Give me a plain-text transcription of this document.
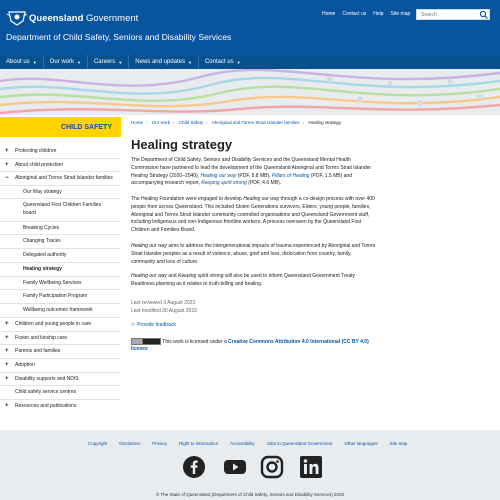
Queensland Government	Home Contact us Help Site map	Search
Department of Child Safety, Seniors and Disability Services
About us ▼ Our work ▼ Careers ▼ News and updates ▼ Contact us ▼
CHILD SAFETY
+ Protecting children
+ About child protection
− Aboriginal and Torres Strait Islander families
Our Way strategy
Queensland First Children Families
board
Breaking Cycles
Changing Tracks
Delegated authority
Healing strategy
Family Wellbeing Services
Family Participation Program
Wellbeing outcomes framework
+ Children and young people in care
+ Foster and kinship care
+ Parents and families
+ Adoption
+ Disability supports and NDIS
Child safety service centres
+ Resources and publications
Home › Our work › Child Safety › Aboriginal and Torres Strait Islander families › Healing strategy
Healing strategy
The Department of Child Safety, Seniors and Disability Services and the Queensland Mental Health Commission have partnered to lead the development of the Queensland Aboriginal and Torres Strait Islander Healing Strategy (2020–2040), Healing our way (PDF, 5.8 MB), Pillars of Healing (PDF, 1.5 MB) and accompanying research report, Keeping spirit strong (PDF, 4.6 MB).
The Healing Foundation were engaged to develop Healing our way through a co-design process with over 400 people from across Queensland. This included Stolen Generations survivors, Elders, young people, families, Aboriginal and Torres Strait Islander community controlled organisations and Queensland Government staff, including Indigenous and non-Indigenous frontline workers. A process overseen by the Queensland First Children and Families Board.
Healing our way aims to address the intergenerational impacts of trauma experienced by Aboriginal and Torres Strait Islander peoples as a result of violence, abuse, grief and loss, dislocation from country, family, community and loss of culture.
Healing our way and Keeping spirit strong will also be used to inform Queensland Government Treaty Readiness planning as it relates to truth-telling and healing.
Last reviewed 3 August 2023
Last modified 30 August 2023
✉ Provide feedback
This work is licensed under a Creative Commons Attribution 4.0 International (CC BY 4.0) licence
Copyright	Disclaimer	Privacy	Right to information	Accessibility	Jobs in Queensland Government	Other languages	Site map
© The State of Queensland (Department of Child Safety, Seniors and Disability Services) 2023
